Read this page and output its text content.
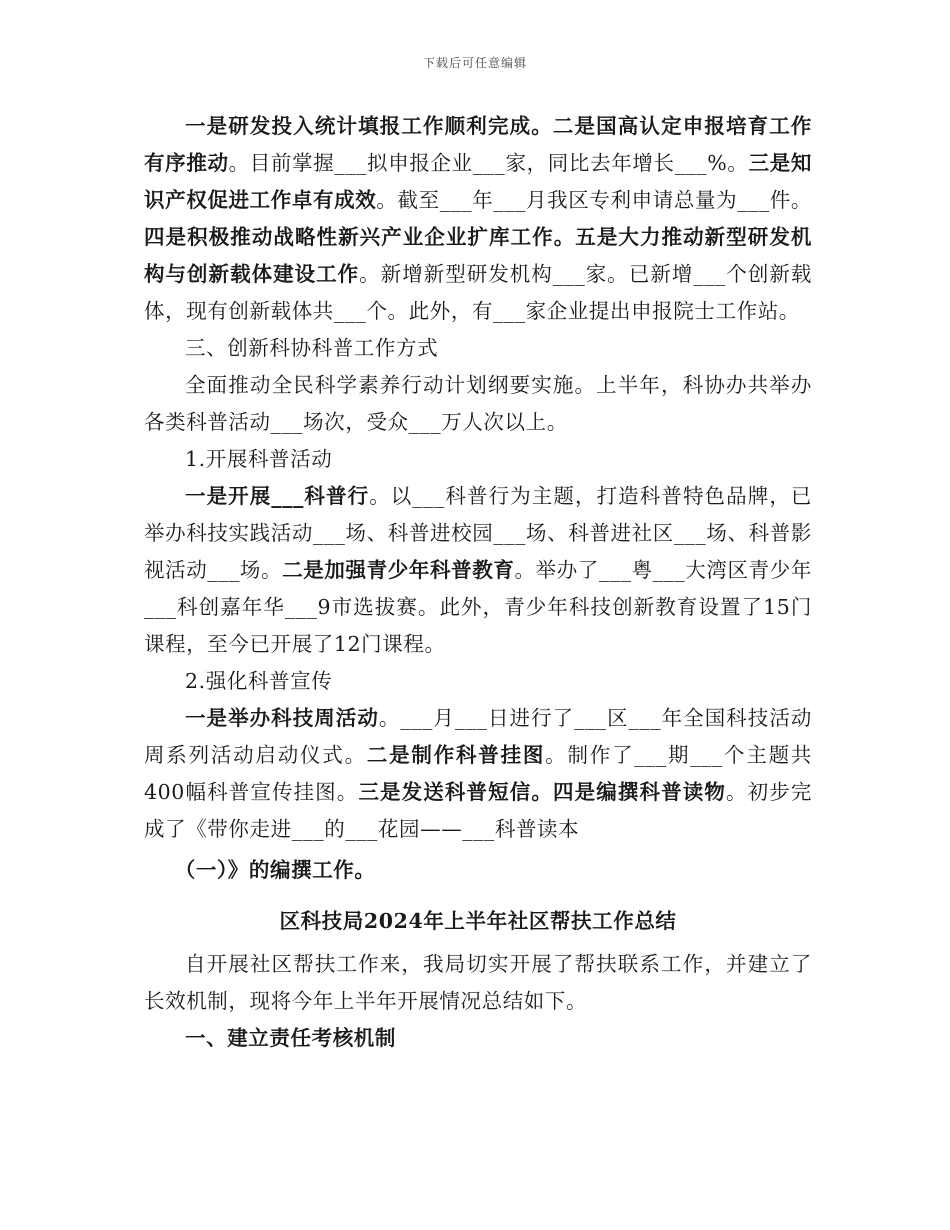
下载后可任意编辑

一是研发投入统计填报工作顺利完成。二是国高认定申报培育工作有序推动。目前掌握___拟申报企业___家，同比去年增长___%。三是知识产权促进工作卓有成效。截至___年___月我区专利申请总量为___件。四是积极推动战略性新兴产业企业扩库工作。五是大力推动新型研发机构与创新载体建设工作。新增新型研发机构___家。已新增___个创新载体，现有创新载体共___个。此外，有___家企业提出申报院士工作站。

三、创新科协科普工作方式

全面推动全民科学素养行动计划纲要实施。上半年，科协办共举办各类科普活动___场次，受众___万人次以上。

1.开展科普活动

一是开展___科普行。以___科普行为主题，打造科普特色品牌，已举办科技实践活动___场、科普进校园___场、科普进社区___场、科普影视活动___场。二是加强青少年科普教育。举办了___粤___大湾区青少年___科创嘉年华___9市选拔赛。此外，青少年科技创新教育设置了15门课程，至今已开展了12门课程。

2.强化科普宣传

一是举办科技周活动。___月___日进行了___区___年全国科技活动周系列活动启动仪式。二是制作科普挂图。制作了___期___个主题共400幅科普宣传挂图。三是发送科普短信。四是编撰科普读物。初步完成了《带你走进___的___花园——___科普读本

（一）》的编撰工作。

区科技局2024年上半年社区帮扶工作总结

自开展社区帮扶工作来，我局切实开展了帮扶联系工作，并建立了长效机制，现将今年上半年开展情况总结如下。

一、建立责任考核机制
